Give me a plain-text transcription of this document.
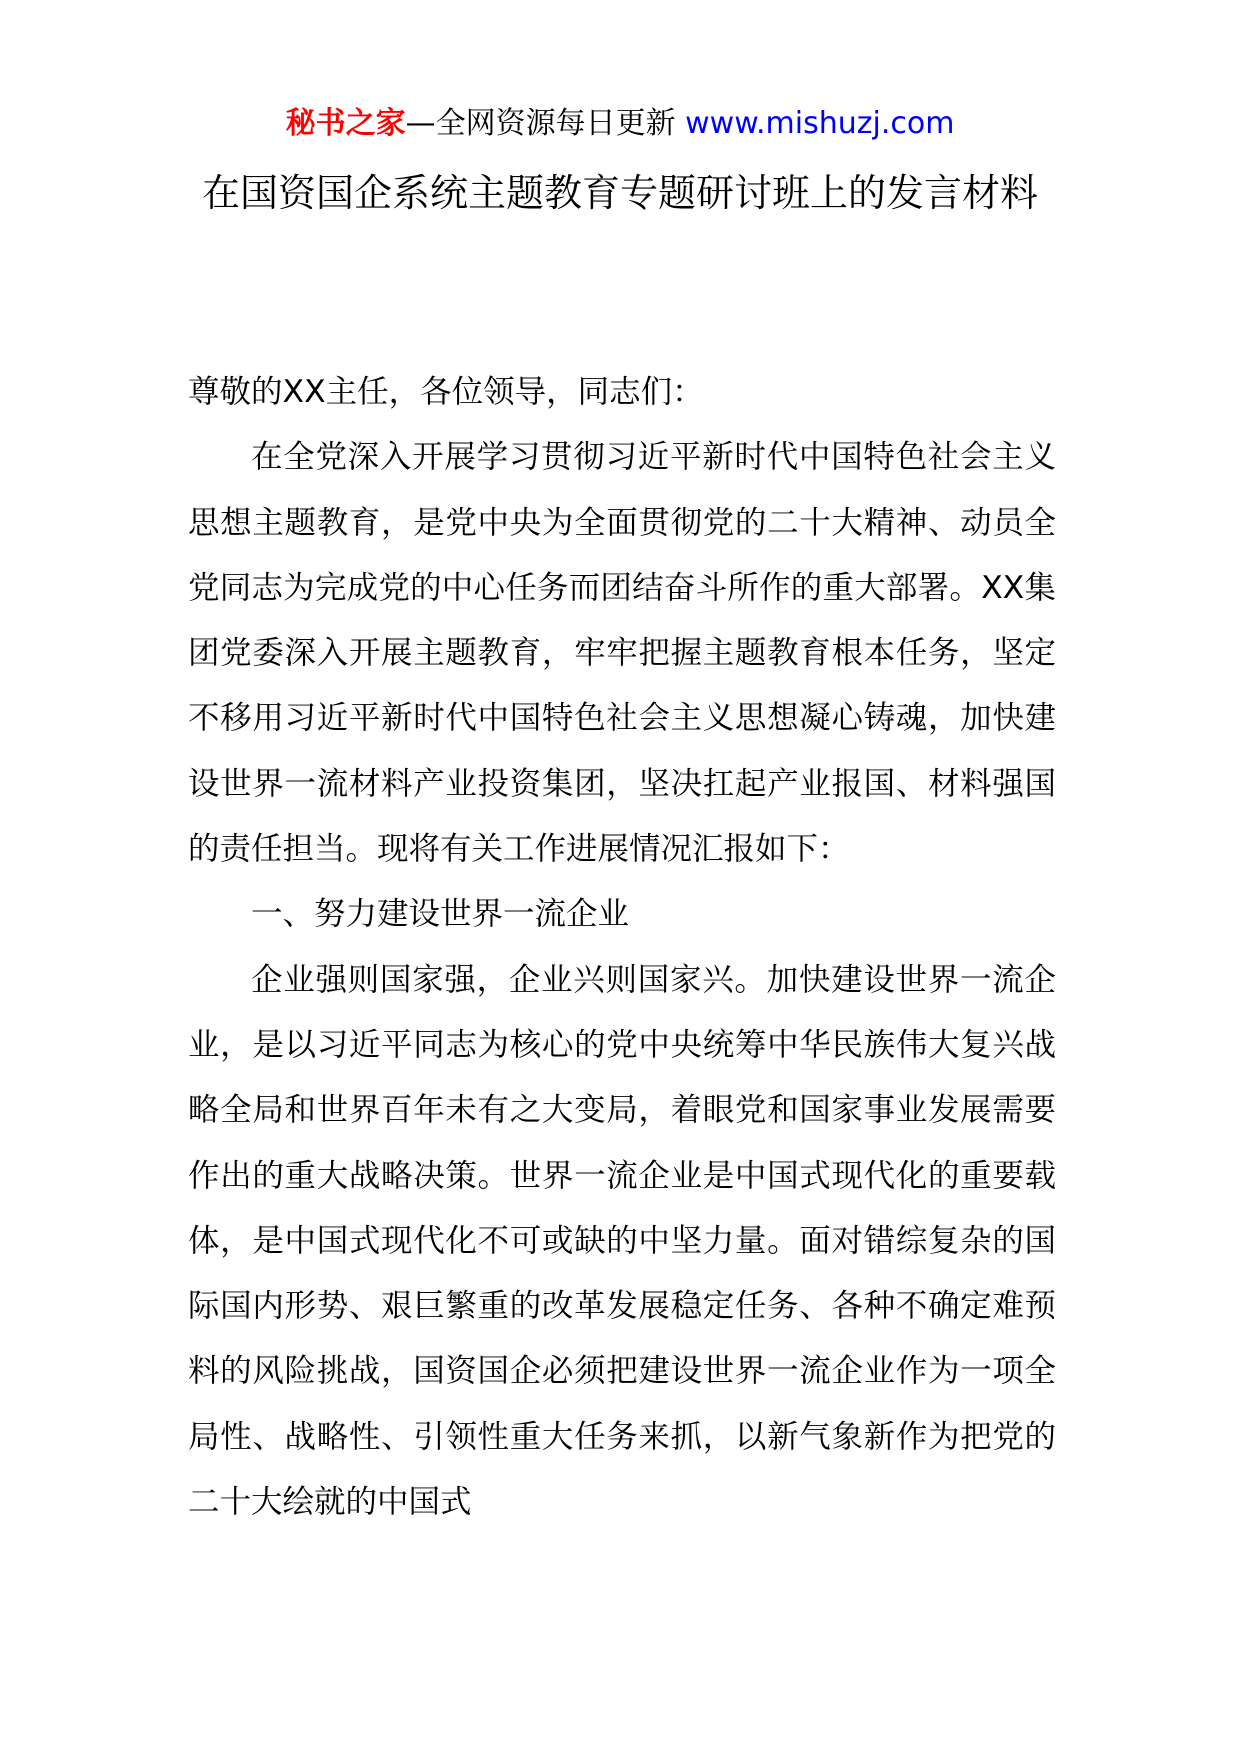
秘书之家—全网资源每日更新 www.mishuzj.com
在国资国企系统主题教育专题研讨班上的发言材料

尊敬的XX主任，各位领导，同志们：

在全党深入开展学习贯彻习近平新时代中国特色社会主义思想主题教育，是党中央为全面贯彻党的二十大精神、动员全党同志为完成党的中心任务而团结奋斗所作的重大部署。XX集团党委深入开展主题教育，牢牢把握主题教育根本任务，坚定不移用习近平新时代中国特色社会主义思想凝心铸魂，加快建设世界一流材料产业投资集团，坚决扛起产业报国、材料强国的责任担当。现将有关工作进展情况汇报如下：

一、努力建设世界一流企业

企业强则国家强，企业兴则国家兴。加快建设世界一流企业，是以习近平同志为核心的党中央统筹中华民族伟大复兴战略全局和世界百年未有之大变局，着眼党和国家事业发展需要作出的重大战略决策。世界一流企业是中国式现代化的重要载体，是中国式现代化不可或缺的中坚力量。面对错综复杂的国际国内形势、艰巨繁重的改革发展稳定任务、各种不确定难预料的风险挑战，国资国企必须把建设世界一流企业作为一项全局性、战略性、引领性重大任务来抓，以新气象新作为把党的二十大绘就的中国式
